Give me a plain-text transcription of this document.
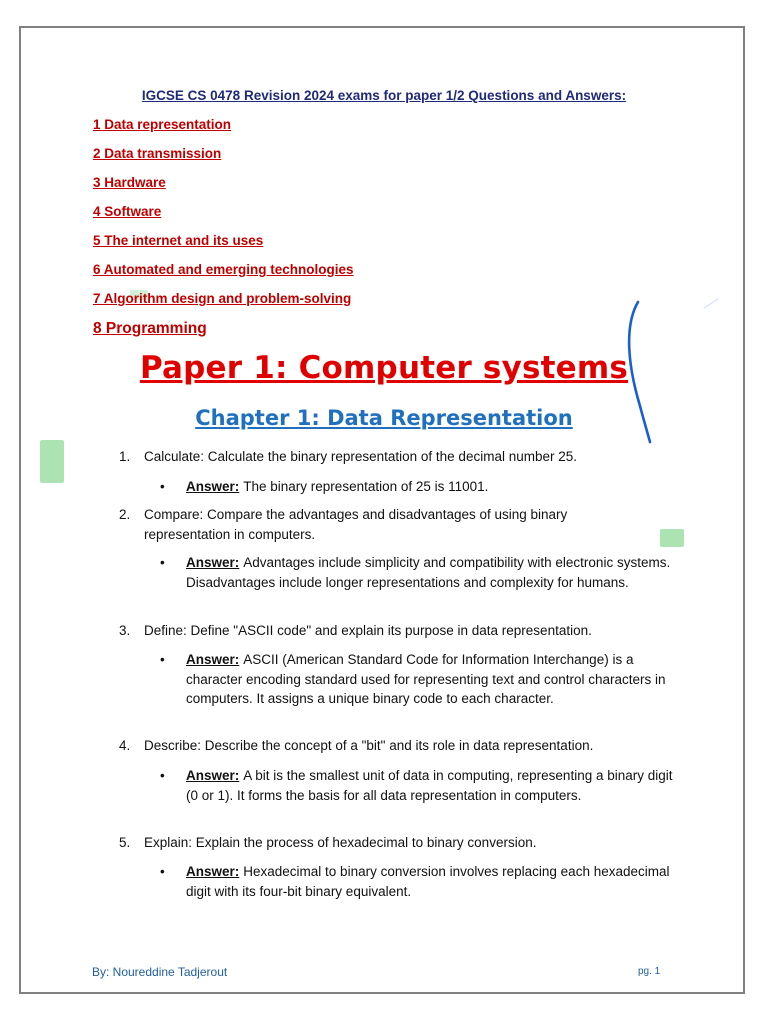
IGCSE CS 0478 Revision 2024 exams for paper 1/2 Questions and Answers:
1 Data representation
2 Data transmission
3 Hardware
4 Software
5 The internet and its uses
6 Automated and emerging technologies
7 Algorithm design and problem-solving
8 Programming
Paper 1: Computer systems
Chapter 1: Data Representation
1. Calculate: Calculate the binary representation of the decimal number 25.
• Answer: The binary representation of 25 is 11001.
2. Compare: Compare the advantages and disadvantages of using binary representation in computers.
• Answer: Advantages include simplicity and compatibility with electronic systems. Disadvantages include longer representations and complexity for humans.
3. Define: Define "ASCII code" and explain its purpose in data representation.
• Answer: ASCII (American Standard Code for Information Interchange) is a character encoding standard used for representing text and control characters in computers. It assigns a unique binary code to each character.
4. Describe: Describe the concept of a "bit" and its role in data representation.
• Answer: A bit is the smallest unit of data in computing, representing a binary digit (0 or 1). It forms the basis for all data representation in computers.
5. Explain: Explain the process of hexadecimal to binary conversion.
• Answer: Hexadecimal to binary conversion involves replacing each hexadecimal digit with its four-bit binary equivalent.
By: Noureddine Tadjerout	pg. 1
